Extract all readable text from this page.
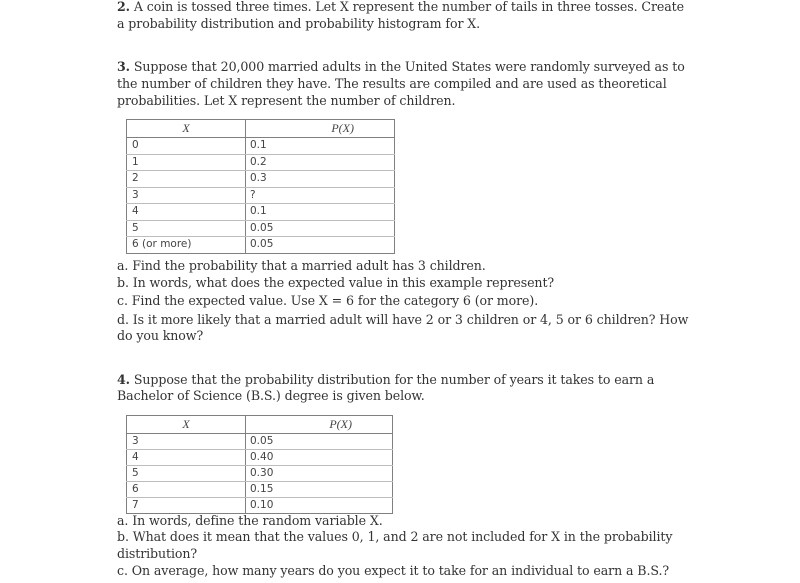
2. A coin is tossed three times. Let X represent the number of tails in three tosses. Create
a probability distribution and probability histogram for X.
3. Suppose that 20,000 married adults in the United States were randomly surveyed as to
the number of children they have. The results are compiled and are used as theoretical
probabilities. Let X represent the number of children.
X	P(X)
0	0.1
1	0.2
2	0.3
3	?
4	0.1
5	0.05
6 (or more)	0.05
a. Find the probability that a married adult has 3 children.
b. In words, what does the expected value in this example represent?
c. Find the expected value. Use X = 6 for the category 6 (or more).
d. Is it more likely that a married adult will have 2 or 3 children or 4, 5 or 6 children? How
do you know?
4. Suppose that the probability distribution for the number of years it takes to earn a
Bachelor of Science (B.S.) degree is given below.
X	P(X)
3	0.05
4	0.40
5	0.30
6	0.15
7	0.10
a. In words, define the random variable X.
b. What does it mean that the values 0, 1, and 2 are not included for X in the probability
distribution?
c. On average, how many years do you expect it to take for an individual to earn a B.S.?
